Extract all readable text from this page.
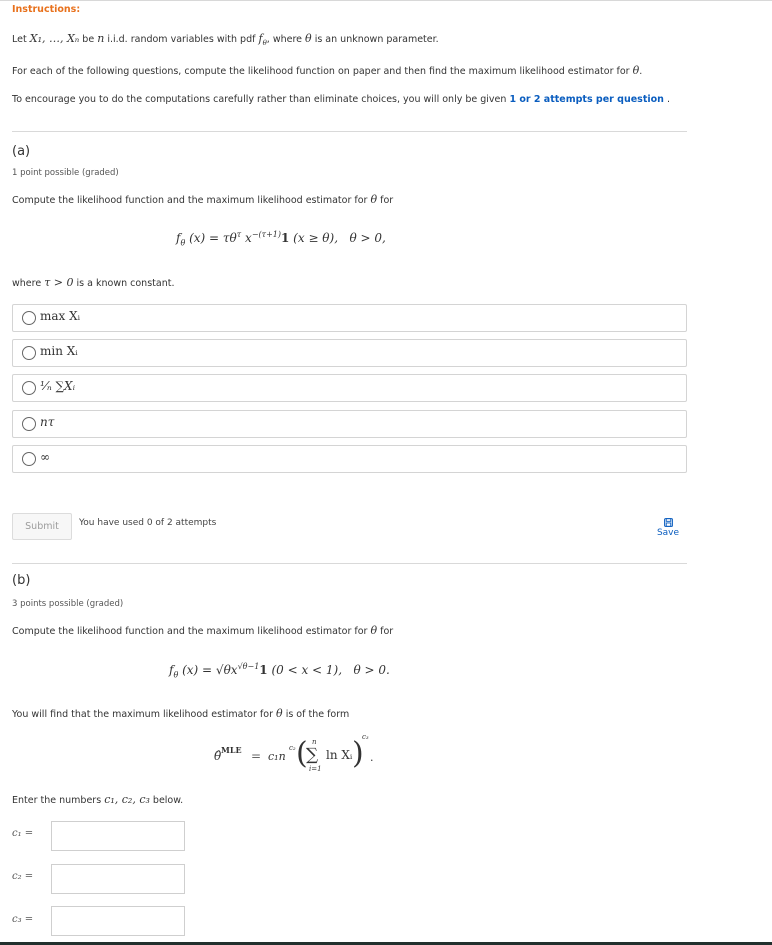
Instructions:
Let X₁, …, Xₙ be n i.i.d. random variables with pdf $f_\theta$, where θ is an unknown parameter.
For each of the following questions, compute the likelihood function on paper and then find the maximum likelihood estimator for θ.
To encourage you to do the computations carefully rather than eliminate choices, you will only be given 1 or 2 attempts per question .
(a)
1 point possible (graded)
Compute the likelihood function and the maximum likelihood estimator for θ for
$f_\theta$ $(x) = \tau\theta^\tau$ $x^{-(\tau+1)}1$ (x ≥ θ), θ > 0,
where τ > 0 is a known constant.
max Xᵢ
min Xᵢ
¹⁄ₙ ∑Xᵢ
nτ
∞
Submit	You have used 0 of 2 attempts
Save
(b)
3 points possible (graded)
Compute the likelihood function and the maximum likelihood estimator for θ for
$f_\theta$ $(x) = √\theta x^{√\theta-1}1$ (0 < x < 1), θ > 0.
You will find that the maximum likelihood estimator for θ is of the form
θ̂ MLE = c₁n
c₂ ( n
∑
i=1
ln Xᵢ )
c₃
.
Enter the numbers c₁, c₂, c₃ below.
c₁ =
c₂ =
c₃ =
